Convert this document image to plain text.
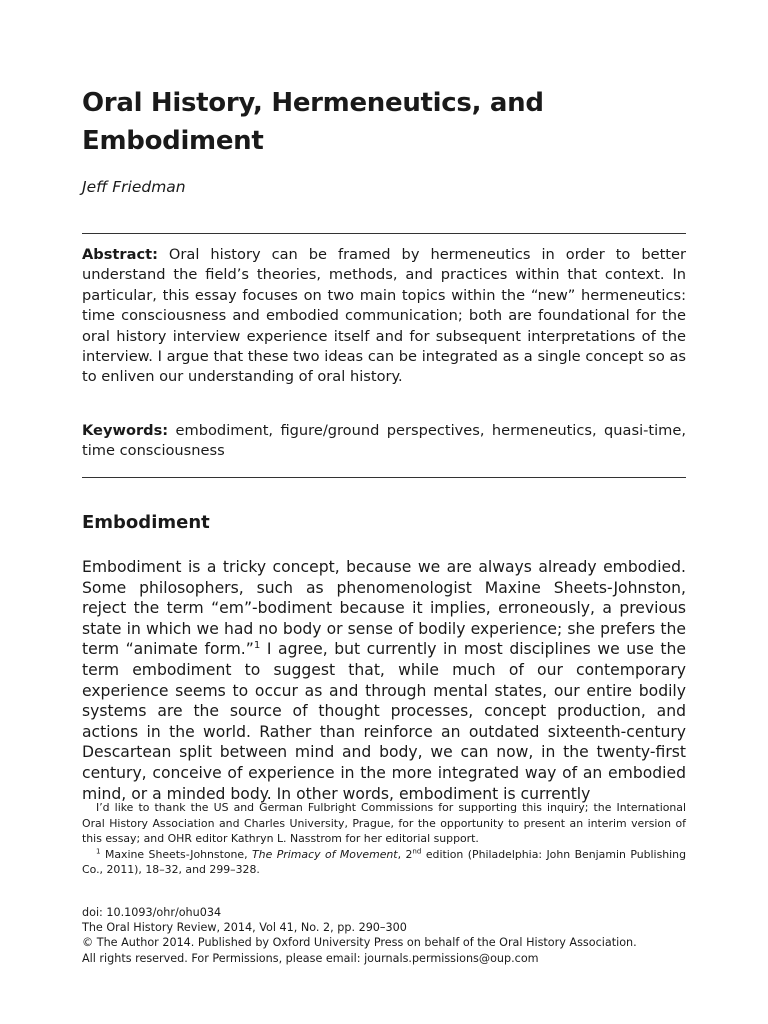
Oral History, Hermeneutics, and Embodiment

Jeff Friedman

Abstract: Oral history can be framed by hermeneutics in order to better understand the field’s theories, methods, and practices within that context. In particular, this essay focuses on two main topics within the “new” hermeneutics: time consciousness and embodied communication; both are foundational for the oral history interview experience itself and for subsequent interpretations of the interview. I argue that these two ideas can be integrated as a single concept so as to enliven our understanding of oral history.

Keywords: embodiment, figure/ground perspectives, hermeneutics, quasi-time, time consciousness

Embodiment

Embodiment is a tricky concept, because we are always already embodied. Some philosophers, such as phenomenologist Maxine Sheets-Johnston, reject the term “em”-bodiment because it implies, erroneously, a previous state in which we had no body or sense of bodily experience; she prefers the term “animate form.”$^1$ I agree, but currently in most disciplines we use the term embodiment to suggest that, while much of our contemporary experience seems to occur as and through mental states, our entire bodily systems are the source of thought processes, concept production, and actions in the world. Rather than reinforce an outdated sixteenth-century Descartean split between mind and body, we can now, in the twenty-first century, conceive of experience in the more integrated way of an embodied mind, or a minded body. In other words, embodiment is currently

I’d like to thank the US and German Fulbright Commissions for supporting this inquiry; the International Oral History Association and Charles University, Prague, for the opportunity to present an interim version of this essay; and OHR editor Kathryn L. Nasstrom for her editorial support.

$^1$ Maxine Sheets-Johnstone, The Primacy of Movement, 2nd edition (Philadelphia: John Benjamin Publishing Co., 2011), 18–32, and 299–328.

doi: 10.1093/ohr/ohu034
The Oral History Review, 2014, Vol 41, No. 2, pp. 290–300
© The Author 2014. Published by Oxford University Press on behalf of the Oral History Association.
All rights reserved. For Permissions, please email: journals.permissions@oup.com
